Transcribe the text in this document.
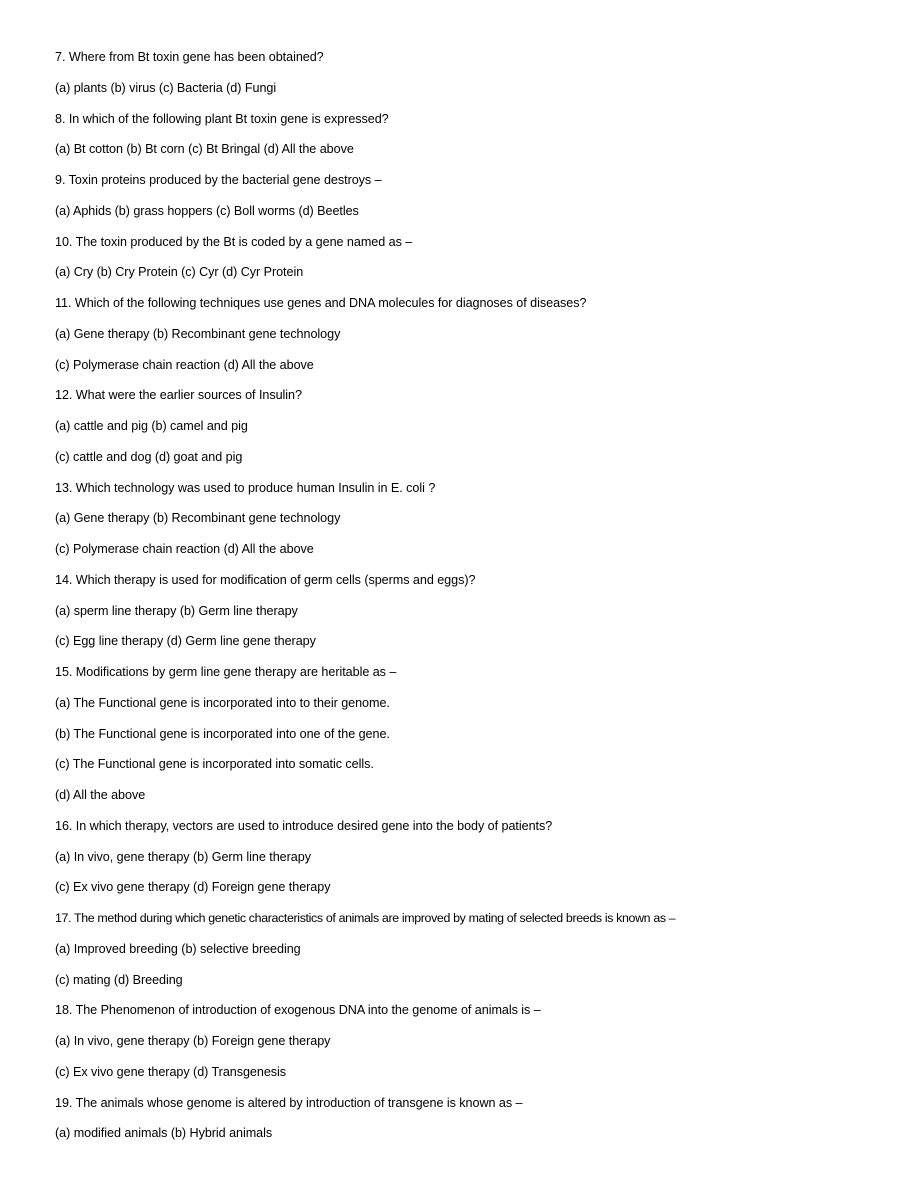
7. Where from Bt toxin gene has been obtained?
(a) plants (b) virus (c) Bacteria (d) Fungi
8. In which of the following plant Bt toxin gene is expressed?
(a) Bt cotton (b) Bt corn (c) Bt Bringal (d) All the above
9. Toxin proteins produced by the bacterial gene destroys –
(a) Aphids (b) grass hoppers (c) Boll worms (d) Beetles
10. The toxin produced by the Bt is coded by a gene named as –
(a) Cry (b) Cry Protein (c) Cyr (d) Cyr Protein
11. Which of the following techniques use genes and DNA molecules for diagnoses of diseases?
(a) Gene therapy (b) Recombinant gene technology
(c) Polymerase chain reaction (d) All the above
12. What were the earlier sources of Insulin?
(a) cattle and pig (b) camel and pig
(c) cattle and dog (d) goat and pig
13. Which technology was used to produce human Insulin in E. coli ?
(a) Gene therapy (b) Recombinant gene technology
(c) Polymerase chain reaction (d) All the above
14. Which therapy is used for modification of germ cells (sperms and eggs)?
(a) sperm line therapy (b) Germ line therapy
(c) Egg line therapy (d) Germ line gene therapy
15. Modifications by germ line gene therapy are heritable as –
(a) The Functional gene is incorporated into to their genome.
(b) The Functional gene is incorporated into one of the gene.
(c) The Functional gene is incorporated into somatic cells.
(d) All the above
16. In which therapy, vectors are used to introduce desired gene into the body of patients?
(a) In vivo, gene therapy (b) Germ line therapy
(c) Ex vivo gene therapy (d) Foreign gene therapy
17. The method during which genetic characteristics of animals are improved by mating of selected breeds is known as –
(a) Improved breeding (b) selective breeding
(c) mating (d) Breeding
18. The Phenomenon of introduction of exogenous DNA into the genome of animals is –
(a) In vivo, gene therapy (b) Foreign gene therapy
(c) Ex vivo gene therapy (d) Transgenesis
19. The animals whose genome is altered by introduction of transgene is known as –
(a) modified animals (b) Hybrid animals
